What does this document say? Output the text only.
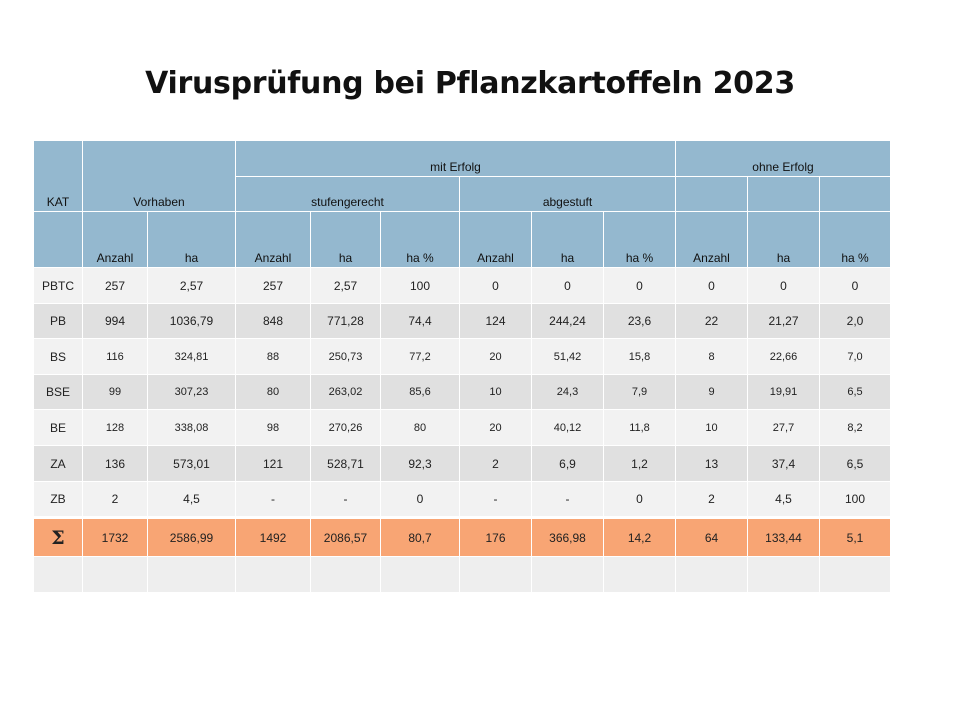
Virusprüfung bei Pflanzkartoffeln 2023
KAT	Vorhaben
mit Erfolg	ohne Erfolg
stufengerecht	abgestuft
Anzahl	ha	Anzahl	ha	ha %	Anzahl	ha	ha %	Anzahl	ha	ha %
PBTC	257	2,57	257	2,57	100	0	0	0	0	0	0
PB	994	1036,79	848	771,28	74,4	124	244,24	23,6	22	21,27	2,0
BS	116	324,81	88	250,73	77,2	20	51,42	15,8	8	22,66	7,0
BSE	99	307,23	80	263,02	85,6	10	24,3	7,9	9	19,91	6,5
BE	128	338,08	98	270,26	80	20	40,12	11,8	10	27,7	8,2
ZA	136	573,01	121	528,71	92,3	2	6,9	1,2	13	37,4	6,5
ZB	2	4,5	-	-	0	-	-	0	2	4,5	100
Σ	1732	2586,99	1492	2086,57	80,7	176	366,98	14,2	64	133,44	5,1
